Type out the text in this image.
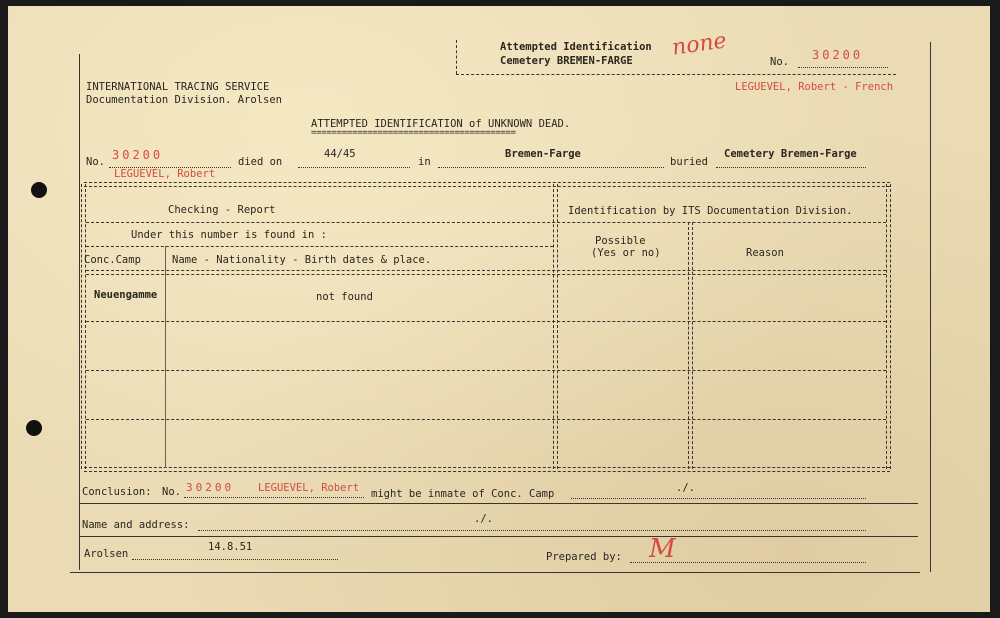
Attempted Identification
Cemetery BREMEN-FARGE
none
No. 30200
INTERNATIONAL TRACING SERVICE
Documentation Division. Arolsen
LEGUEVEL, Robert - French
ATTEMPTED IDENTIFICATION of UNKNOWN DEAD.
========================================
No. 30200	died on
44/45
in
Bremen-Farge
buried
Cemetery Bremen-Farge
LEGUEVEL, Robert
Checking - Report	Identification by ITS Documentation Division.
Under this number is found in :
Conc.Camp	Name - Nationality - Birth dates & place.
Possible
(Yes or no)	Reason
Neuengamme	not found
Conclusion: No. 30200 LEGUEVEL, Robert might be inmate of Conc. Camp	./.
Name and address:	./.
Arolsen
14.8.51
Prepared by: M
